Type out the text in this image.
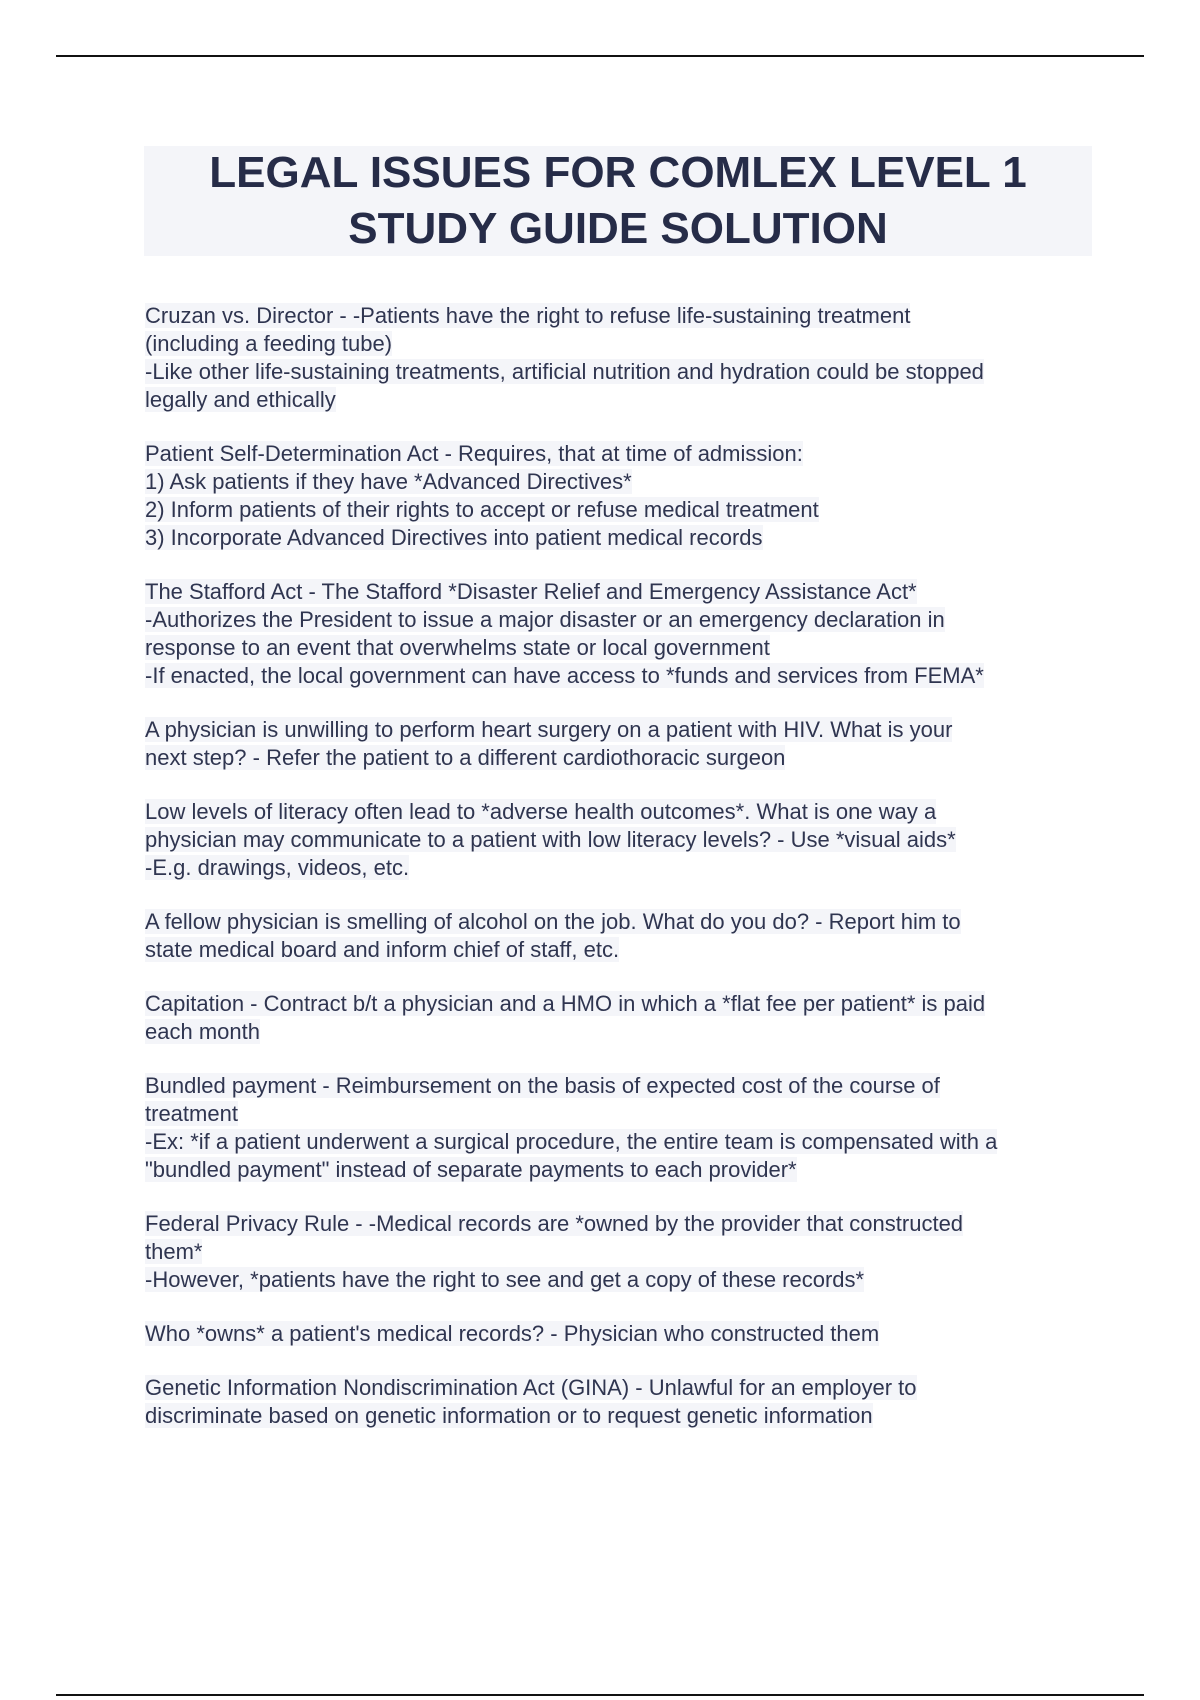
LEGAL ISSUES FOR COMLEX LEVEL 1
STUDY GUIDE SOLUTION
Cruzan vs. Director - -Patients have the right to refuse life-sustaining treatment
(including a feeding tube)
-Like other life-sustaining treatments, artificial nutrition and hydration could be stopped
legally and ethically
Patient Self-Determination Act - Requires, that at time of admission:
1) Ask patients if they have *Advanced Directives*
2) Inform patients of their rights to accept or refuse medical treatment
3) Incorporate Advanced Directives into patient medical records
The Stafford Act - The Stafford *Disaster Relief and Emergency Assistance Act*
-Authorizes the President to issue a major disaster or an emergency declaration in
response to an event that overwhelms state or local government
-If enacted, the local government can have access to *funds and services from FEMA*
A physician is unwilling to perform heart surgery on a patient with HIV. What is your
next step? - Refer the patient to a different cardiothoracic surgeon
Low levels of literacy often lead to *adverse health outcomes*. What is one way a
physician may communicate to a patient with low literacy levels? - Use *visual aids*
-E.g. drawings, videos, etc.
A fellow physician is smelling of alcohol on the job. What do you do? - Report him to
state medical board and inform chief of staff, etc.
Capitation - Contract b/t a physician and a HMO in which a *flat fee per patient* is paid
each month
Bundled payment - Reimbursement on the basis of expected cost of the course of
treatment
-Ex: *if a patient underwent a surgical procedure, the entire team is compensated with a
"bundled payment" instead of separate payments to each provider*
Federal Privacy Rule - -Medical records are *owned by the provider that constructed
them*
-However, *patients have the right to see and get a copy of these records*
Who *owns* a patient's medical records? - Physician who constructed them
Genetic Information Nondiscrimination Act (GINA) - Unlawful for an employer to
discriminate based on genetic information or to request genetic information
